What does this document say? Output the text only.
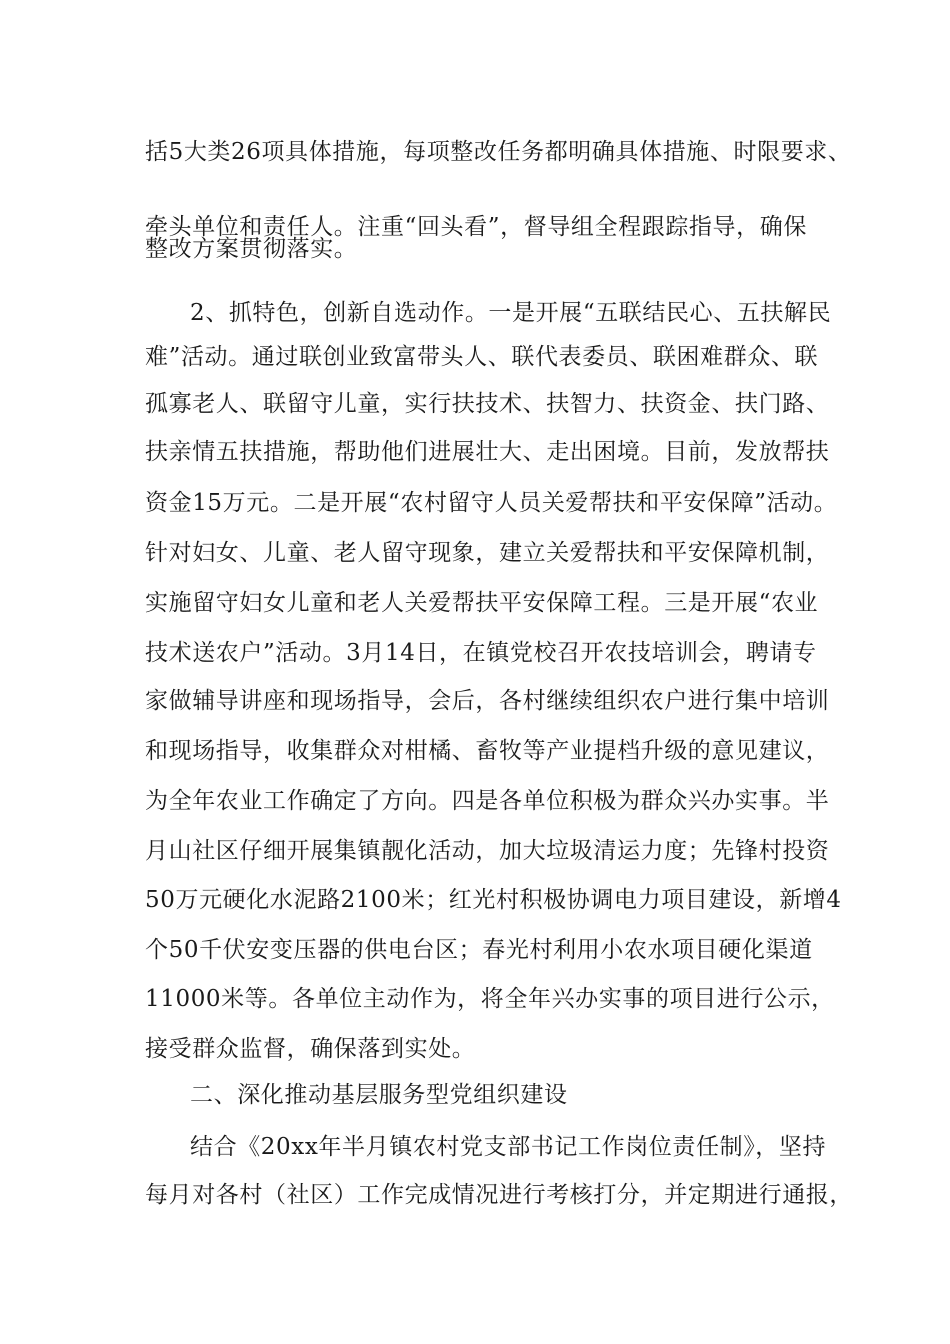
括5大类26项具体措施，每项整改任务都明确具体措施、时限要求、
牵头单位和责任人。注重“回头看”，督导组全程跟踪指导，确保
整改方案贯彻落实。
2、抓特色，创新自选动作。一是开展“五联结民心、五扶解民
难”活动。通过联创业致富带头人、联代表委员、联困难群众、联
孤寡老人、联留守儿童，实行扶技术、扶智力、扶资金、扶门路、
扶亲情五扶措施，帮助他们进展壮大、走出困境。目前，发放帮扶
资金15万元。二是开展“农村留守人员关爱帮扶和平安保障”活动。
针对妇女、儿童、老人留守现象，建立关爱帮扶和平安保障机制，
实施留守妇女儿童和老人关爱帮扶平安保障工程。三是开展“农业
技术送农户”活动。3月14日，在镇党校召开农技培训会，聘请专
家做辅导讲座和现场指导，会后，各村继续组织农户进行集中培训
和现场指导，收集群众对柑橘、畜牧等产业提档升级的意见建议，
为全年农业工作确定了方向。四是各单位积极为群众兴办实事。半
月山社区仔细开展集镇靓化活动，加大垃圾清运力度；先锋村投资
50万元硬化水泥路2100米；红光村积极协调电力项目建设，新增4
个50千伏安变压器的供电台区；春光村利用小农水项目硬化渠道
11000米等。各单位主动作为，将全年兴办实事的项目进行公示，
接受群众监督，确保落到实处。
二、深化推动基层服务型党组织建设
结合《20xx年半月镇农村党支部书记工作岗位责任制》，坚持
每月对各村（社区）工作完成情况进行考核打分，并定期进行通报，
